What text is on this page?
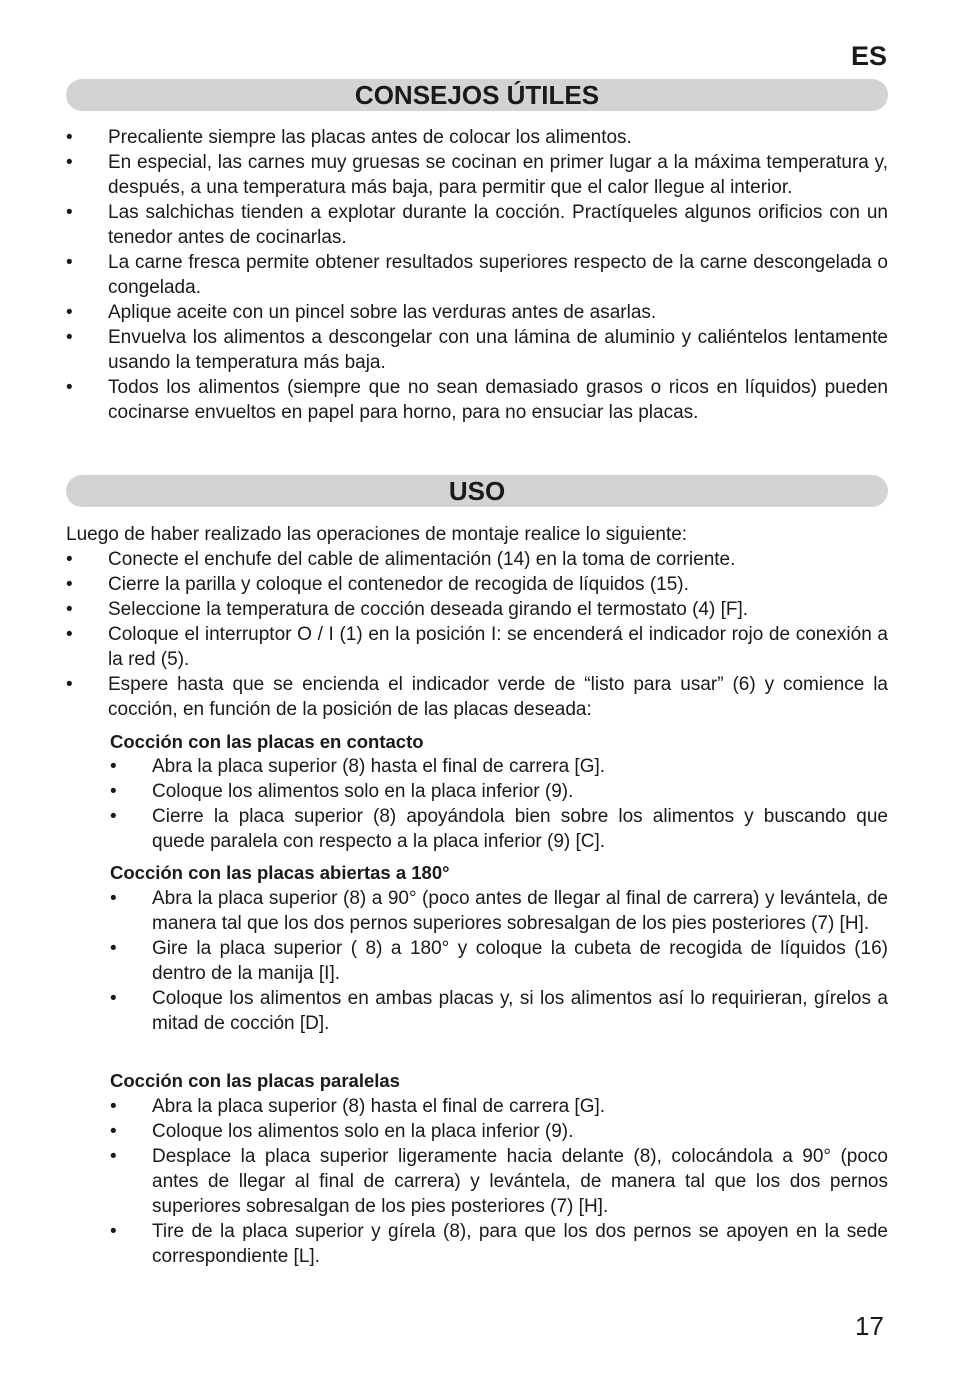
ES
CONSEJOS ÚTILES
• Precaliente siempre las placas antes de colocar los alimentos.
• En especial, las carnes muy gruesas se cocinan en primer lugar a la máxima temperatura y, después, a una temperatura más baja, para permitir que el calor llegue al interior.
• Las salchichas tienden a explotar durante la cocción. Practíqueles algunos orificios con un tenedor antes de cocinarlas.
• La carne fresca permite obtener resultados superiores respecto de la carne descongelada o congelada.
• Aplique aceite con un pincel sobre las verduras antes de asarlas.
• Envuelva los alimentos a descongelar con una lámina de aluminio y caliéntelos lentamente usando la temperatura más baja.
• Todos los alimentos (siempre que no sean demasiado grasos o ricos en líquidos) pueden cocinarse envueltos en papel para horno, para no ensuciar las placas.
USO
Luego de haber realizado las operaciones de montaje realice lo siguiente:
• Conecte el enchufe del cable de alimentación (14) en la toma de corriente.
• Cierre la parilla y coloque el contenedor de recogida de líquidos (15).
• Seleccione la temperatura de cocción deseada girando el termostato (4) [F].
• Coloque el interruptor O / I (1) en la posición I: se encenderá el indicador rojo de conexión a la red (5).
• Espere hasta que se encienda el indicador verde de “listo para usar” (6) y comience la cocción, en función de la posición de las placas deseada:
Cocción con las placas en contacto
• Abra la placa superior (8) hasta el final de carrera [G].
• Coloque los alimentos solo en la placa inferior (9).
• Cierre la placa superior (8) apoyándola bien sobre los alimentos y buscando que quede paralela con respecto a la placa inferior (9) [C].
Cocción con las placas abiertas a 180°
• Abra la placa superior (8) a 90° (poco antes de llegar al final de carrera) y levántela, de manera tal que los dos pernos superiores sobresalgan de los pies posteriores (7) [H].
• Gire la placa superior ( 8) a 180° y coloque la cubeta de recogida de líquidos (16) dentro de la manija [I].
• Coloque los alimentos en ambas placas y, si los alimentos así lo requirieran, gírelos a mitad de cocción [D].
Cocción con las placas paralelas
• Abra la placa superior (8) hasta el final de carrera [G].
• Coloque los alimentos solo en la placa inferior (9).
• Desplace la placa superior ligeramente hacia delante (8), colocándola a 90° (poco antes de llegar al final de carrera) y levántela, de manera tal que los dos pernos superiores sobresalgan de los pies posteriores (7) [H].
• Tire de la placa superior y gírela (8), para que los dos pernos se apoyen en la sede correspondiente [L].
17
